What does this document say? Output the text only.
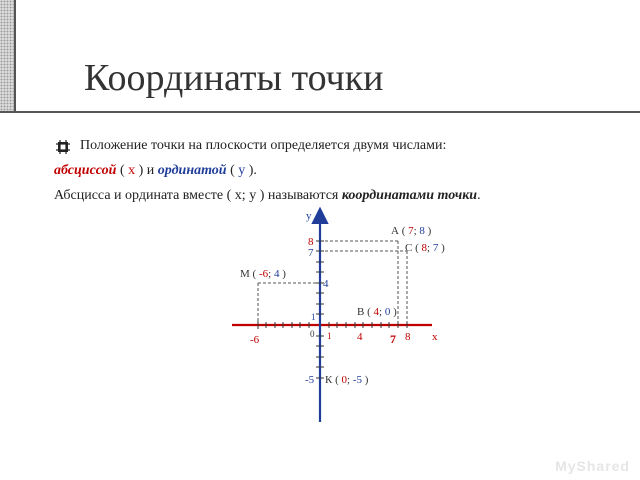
Координаты точки
Положение точки на плоскости определяется двумя числами:
абсциссой ( x ) и ординатой ( y ).
Абсцисса и ордината вместе ( х; у ) называются координатами точки.
y
x
0 1
1
8
7
4
-5
-6	4 7 8
А ( 7; 8 )
С ( 8; 7 )
М ( -6; 4 )
В ( 4; 0 )
К ( 0; -5 )
MyShared
